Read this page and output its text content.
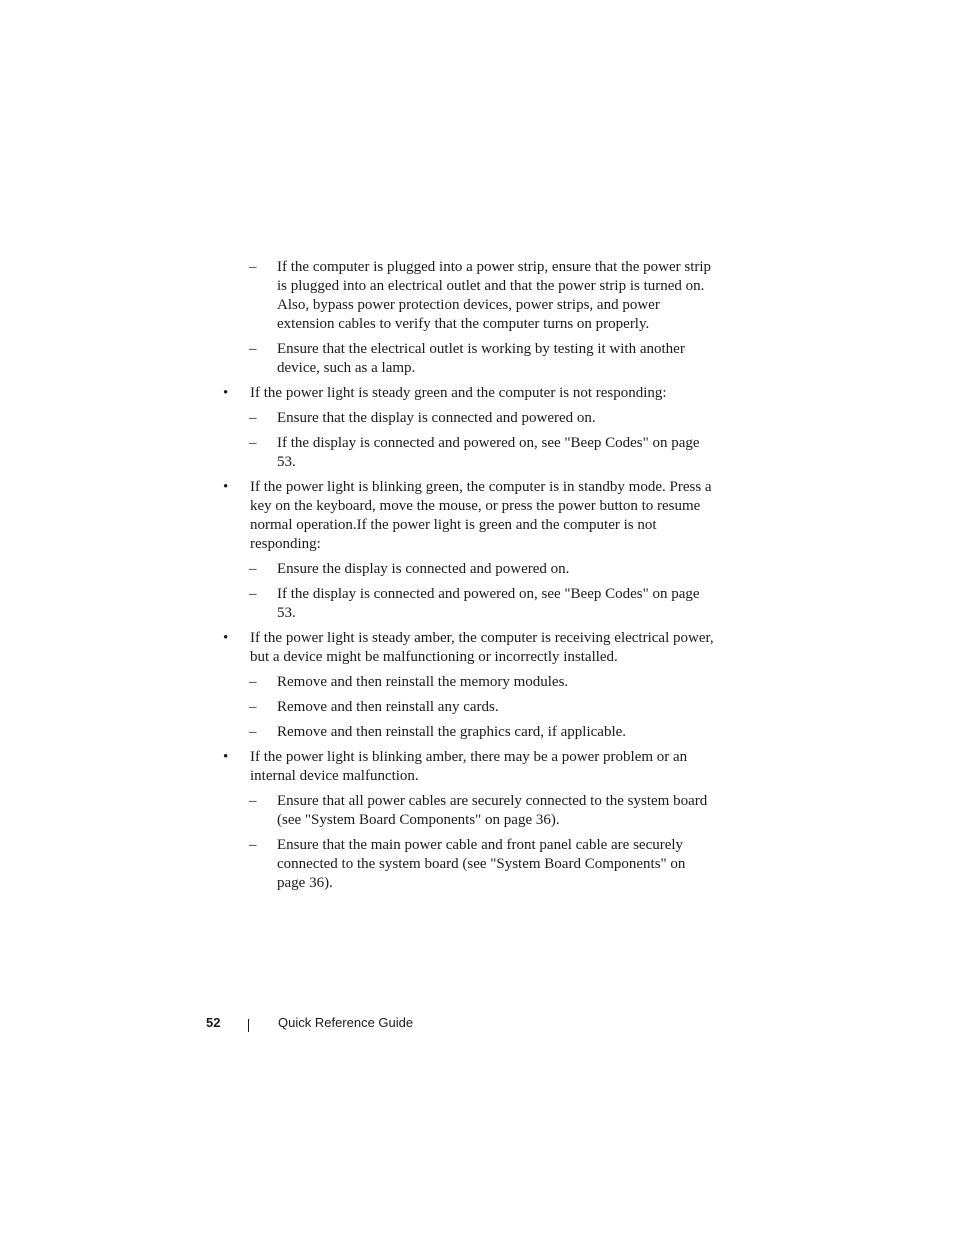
– If the computer is plugged into a power strip, ensure that the power strip is plugged into an electrical outlet and that the power strip is turned on. Also, bypass power protection devices, power strips, and power extension cables to verify that the computer turns on properly.
– Ensure that the electrical outlet is working by testing it with another device, such as a lamp.
• If the power light is steady green and the computer is not responding:
– Ensure that the display is connected and powered on.
– If the display is connected and powered on, see "Beep Codes" on page 53.
• If the power light is blinking green, the computer is in standby mode. Press a key on the keyboard, move the mouse, or press the power button to resume normal operation.If the power light is green and the computer is not responding:
– Ensure the display is connected and powered on.
– If the display is connected and powered on, see "Beep Codes" on page 53.
• If the power light is steady amber, the computer is receiving electrical power, but a device might be malfunctioning or incorrectly installed.
– Remove and then reinstall the memory modules.
– Remove and then reinstall any cards.
– Remove and then reinstall the graphics card, if applicable.
• If the power light is blinking amber, there may be a power problem or an internal device malfunction.
– Ensure that all power cables are securely connected to the system board (see "System Board Components" on page 36).
– Ensure that the main power cable and front panel cable are securely connected to the system board (see "System Board Components" on page 36).
52	Quick Reference Guide
